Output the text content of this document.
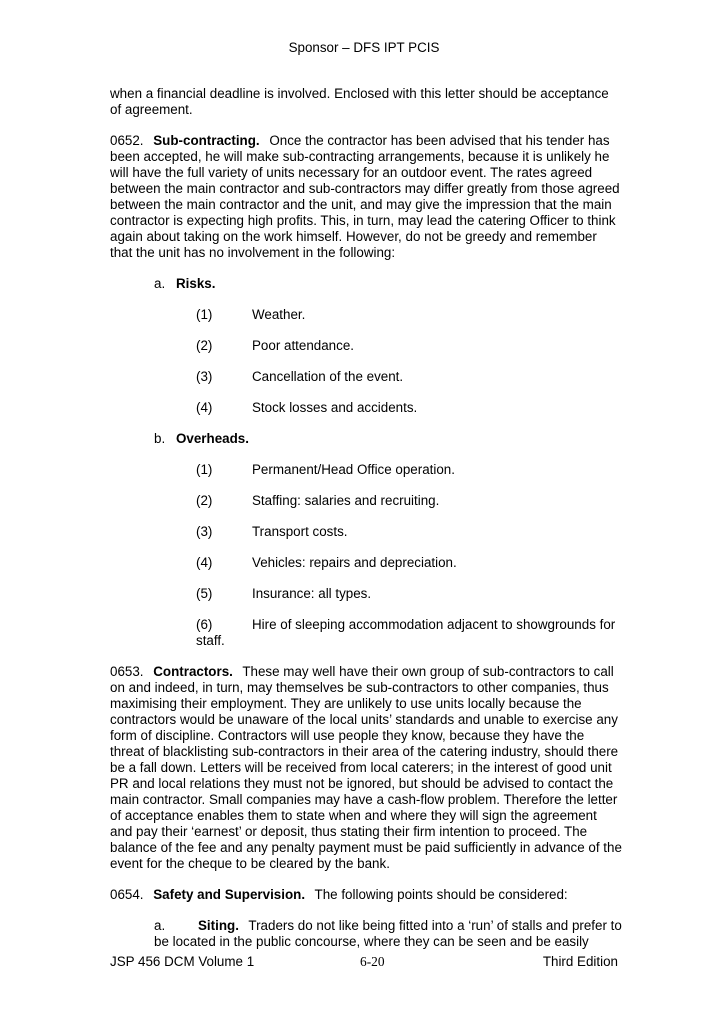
Sponsor – DFS IPT PCIS

when a financial deadline is involved. Enclosed with this letter should be acceptance of agreement.

0652. Sub-contracting. Once the contractor has been advised that his tender has been accepted, he will make sub-contracting arrangements, because it is unlikely he will have the full variety of units necessary for an outdoor event. The rates agreed between the main contractor and sub-contractors may differ greatly from those agreed between the main contractor and the unit, and may give the impression that the main contractor is expecting high profits. This, in turn, may lead the catering Officer to think again about taking on the work himself. However, do not be greedy and remember that the unit has no involvement in the following:

a. Risks.
(1)	Weather.
(2)	Poor attendance.
(3)	Cancellation of the event.
(4)	Stock losses and accidents.
b. Overheads.
(1)	Permanent/Head Office operation.
(2)	Staffing: salaries and recruiting.
(3)	Transport costs.
(4)	Vehicles: repairs and depreciation.
(5)	Insurance: all types.
(6)	Hire of sleeping accommodation adjacent to showgrounds for staff.

0653. Contractors. These may well have their own group of sub-contractors to call on and indeed, in turn, may themselves be sub-contractors to other companies, thus maximising their employment. They are unlikely to use units locally because the contractors would be unaware of the local units’ standards and unable to exercise any form of discipline. Contractors will use people they know, because they have the threat of blacklisting sub-contractors in their area of the catering industry, should there be a fall down. Letters will be received from local caterers; in the interest of good unit PR and local relations they must not be ignored, but should be advised to contact the main contractor. Small companies may have a cash-flow problem. Therefore the letter of acceptance enables them to state when and where they will sign the agreement and pay their ‘earnest’ or deposit, thus stating their firm intention to proceed. The balance of the fee and any penalty payment must be paid sufficiently in advance of the event for the cheque to be cleared by the bank.

0654. Safety and Supervision. The following points should be considered:

a. Siting. Traders do not like being fitted into a ‘run’ of stalls and prefer to be located in the public concourse, where they can be seen and be easily
JSP 456 DCM Volume 1	6-20	Third Edition
